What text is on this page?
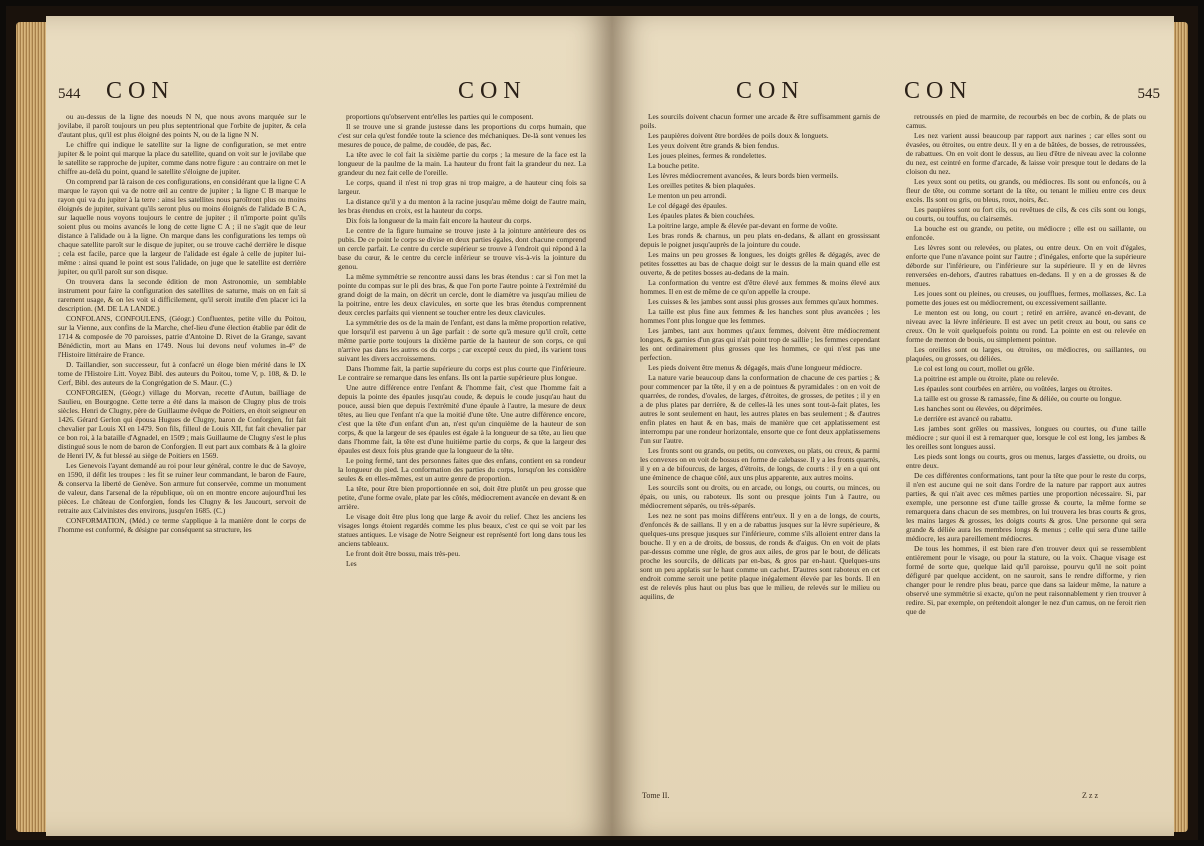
544 CON	CON

ou au-dessus de la ligne des noeuds N N, que nous avons marquée sur le jovilabe, il paroît toujours un peu plus septentrional que l'orbite de jupiter, & cela d'autant plus, qu'il est plus éloigné des points N, ou de la ligne N N.

Le chiffre qui indique le satellite sur la ligne de configuration, se met entre jupiter & le point qui marque la place du satellite, quand on voit sur le jovilabe que le satellite se rapproche de jupiter, comme dans notre figure : au contraire on met le chiffre au-delà du point, quand le satellite s'éloigne de jupiter.

On comprend par là raison de ces configurations, en considérant que la ligne C A marque le rayon qui va de notre œil au centre de jupiter ; la ligne C B marque le rayon qui va du jupiter à la terre : ainsi les satellites nous paroîtront plus ou moins éloignés de jupiter, suivant qu'ils seront plus ou moins éloignés de l'alidade B C A, sur laquelle nous voyons toujours le centre de jupiter ; il n'importe point qu'ils soient plus ou moins avancés le long de cette ligne C A ; il ne s'agit que de leur distance à l'alidade ou à la ligne. On marque dans les configurations les temps où chaque satellite paroît sur le disque de jupiter, ou se trouve caché derrière le disque ; cela est facile, parce que la largeur de l'alidade est égale à celle de jupiter lui-même : ainsi quand le point est sous l'alidade, on juge que le satellite est derrière jupiter, ou qu'il paroît sur son disque.

On trouvera dans la seconde édition de mon Astronomie, un semblable instrument pour faire la configuration des satellites de saturne, mais on en fait si rarement usage, & on les voit si difficilement, qu'il seroit inutile d'en placer ici la description. (M. DE LA LANDE.)

CONFOLANS, CONFOULENS, (Géogr.) Confluentes, petite ville du Poitou, sur la Vienne, aux confins de la Marche, chef-lieu d'une élection établie par édit de 1714 & composée de 70 paroisses, patrie d'Antoine D. Rivet de la Grange, savant Bénédictin, mort au Mans en 1749. Nous lui devons neuf volumes in-4° de l'Histoire littéraire de France.

D. Taillandier, son successeur, fut à confacré un éloge bien mérité dans le IX tome de l'Histoire Litt. Voyez Bibl. des auteurs du Poitou, tome V, p. 108, & D. le Cerf, Bibl. des auteurs de la Congrégation de S. Maur. (C.)

CONFORGIEN, (Géogr.) village du Morvan, recette d'Autun, bailliage de Saulieu, en Bourgogne. Cette terre a été dans la maison de Clugny plus de trois siècles. Henri de Clugny, père de Guillaume évêque de Poitiers, en étoit seigneur en 1426. Gérard Gerlon qui épousa Hugues de Clugny, baron de Conforgien, fut fait chevalier par Louis XI en 1479. Son fils, filleul de Louis XII, fut fait chevalier par ce bon roi, à la bataille d'Agnadel, en 1509 ; mais Guillaume de Clugny s'est le plus distingué sous le nom de baron de Conforgien. Il eut part aux combats & à la gloire de Henri IV, & fut blessé au siège de Poitiers en 1569.

Les Genevois l'ayant demandé au roi pour leur général, contre le duc de Savoye, en 1590, il défit les troupes : les fit se ruiner leur commandant, le baron de Faure, & conserva la liberté de Genève. Son armure fut conservée, comme un monument de valeur, dans l'arsenal de la république, où on en montre encore aujourd'hui les pièces. Le château de Conforgien, fonds les Clugny & les Jaucourt, servoit de retraite aux Calvinistes des environs, jusqu'en 1685. (C.)

CONFORMATION, (Méd.) ce terme s'applique à la manière dont le corps de l'homme est conformé, & désigne par conséquent sa structure, les

proportions qu'observent entr'elles les parties qui le composent.

Il se trouve une si grande justesse dans les proportions du corps humain, que c'est sur cela qu'est fondée toute la science des méchaniques. De-là sont venues les mesures de pouce, de palme, de coudée, de pas, &c.

La tête avec le col fait la sixième partie du corps ; la mesure de la face est la longueur de la paulme de la main. La hauteur du front fait la grandeur du nez. La grandeur du nez fait celle de l'oreille.

Le corps, quand il n'est ni trop gras ni trop maigre, a de hauteur cinq fois sa largeur.

La distance qu'il y a du menton à la racine jusqu'au même doigt de l'autre main, les bras étendus en croix, est la hauteur du corps.

Dix fois la longueur de la main fait encore la hauteur du corps.

Le centre de la figure humaine se trouve juste à la jointure antérieure des os pubis. De ce point le corps se divise en deux parties égales, dont chacune comprend un cercle parfait. Le centre du cercle supérieur se trouve à l'endroit qui répond à la base du cœur, & le centre du cercle inférieur se trouve vis-à-vis la jointure du genou.

La même symmétrie se rencontre aussi dans les bras étendus : car si l'on met la pointe du compas sur le pli des bras, & que l'on porte l'autre pointe à l'extrémité du grand doigt de la main, on décrit un cercle, dont le diamètre va jusqu'au milieu de la poitrine, entre les deux clavicules, en sorte que les bras étendus comprennent deux cercles parfaits qui viennent se toucher entre les deux clavicules.

La symmétrie des os de la main de l'enfant, est dans la même proportion relative, que lorsqu'il est parvenu à un âge parfait : de sorte qu'à mesure qu'il croît, cette même partie porte toujours la dixième partie de la hauteur de son corps, ce qui n'arrive pas dans les autres os du corps ; car excepté ceux du pied, ils varient tous suivant les divers accroissemens.

Dans l'homme fait, la partie supérieure du corps est plus courte que l'inférieure. Le contraire se remarque dans les enfans. Ils ont la partie supérieure plus longue.

Une autre différence entre l'enfant & l'homme fait, c'est que l'homme fait a depuis la pointe des épaules jusqu'au coude, & depuis le coude jusqu'au haut du pouce, aussi bien que depuis l'extrémité d'une épaule à l'autre, la mesure de deux têtes, au lieu que l'enfant n'a que la moitié d'une tête. Une autre différence encore, c'est que la tête d'un enfant d'un an, n'est qu'un cinquième de la hauteur de son corps, & que la largeur de ses épaules est égale à la longueur de sa tête, au lieu que dans l'homme fait, la tête est d'une huitième partie du corps, & que la largeur des épaules est deux fois plus grande que la longueur de la tête.

Le poing fermé, tant des personnes faites que des enfans, contient en sa rondeur la longueur du pied. La conformation des parties du corps, lorsqu'on les considère seules & en elles-mêmes, est un autre genre de proportion.

La tête, pour être bien proportionnée en soi, doit être plutôt un peu grosse que petite, d'une forme ovale, plate par les côtés, médiocrement avancée en devant & en arrière.

Le visage doit être plus long que large & avoir du relief. Chez les anciens les visages longs étoient regardés comme les plus beaux, c'est ce qui se voit par les statues antiques. Le visage de Notre Seigneur est représenté fort long dans tous les anciens tableaux.

Le front doit être bossu, mais très-peu.

Les

CON	CON	545

Les sourcils doivent chacun former une arcade & être suffisamment garnis de poils.

Les paupières doivent être bordées de poils doux & longuets.

Les yeux doivent être grands & bien fendus.

Les joues pleines, fermes & rondelettes.

La bouche petite.

Les lèvres médiocrement avancées, & leurs bords bien vermeils.

Les oreilles petites & bien plaquées.

Le menton un peu arrondi.

Le col dégagé des épaules.

Les épaules plates & bien couchées.

La poitrine large, ample & élevée par-devant en forme de voûte.

Les bras ronds & charnus, un peu plats en-dedans, & allant en grossissant depuis le poignet jusqu'auprès de la jointure du coude.

Les mains un peu grosses & longues, les doigts grêles & dégagés, avec de petites fossettes au bas de chaque doigt sur le dessus de la main quand elle est ouverte, & de petites bosses au-dedans de la main.

La conformation du ventre est d'être élevé aux femmes & moins élevé aux hommes. Il en est de même de ce qu'on appelle la croupe.

Les cuisses & les jambes sont aussi plus grosses aux femmes qu'aux hommes.

La taille est plus fine aux femmes & les hanches sont plus avancées ; les hommes l'ont plus longue que les femmes.

Les jambes, tant aux hommes qu'aux femmes, doivent être médiocrement longues, & garnies d'un gras qui n'ait point trop de saillie ; les femmes cependant les ont ordinairement plus grosses que les hommes, ce qui n'est pas une perfection.

Les pieds doivent être menus & dégagés, mais d'une longueur médiocre.

La nature varie beaucoup dans la conformation de chacune de ces parties ; & pour commencer par la tête, il y en a de pointues & pyramidales : on en voit de quarrées, de rondes, d'ovales, de larges, d'étroites, de grosses, de petites ; il y en a de plus plates par derrière, & de celles-là les unes sont tout-à-fait plates, les autres le sont seulement en haut, les autres plates en bas seulement ; & d'autres enfin plates en haut & en bas, mais de manière que cet applatissement est interrompu par une rondeur horizontale, ensorte que ce font deux applatissemens l'un sur l'autre.

Les fronts sont ou grands, ou petits, ou convexes, ou plats, ou creux, & parmi les convexes on en voit de bossus en forme de calebasse. Il y a les fronts quarrés, il y en a de bifourcus, de larges, d'étroits, de longs, de courts : il y en a qui ont une éminence de chaque côté, aux uns plus apparente, aux autres moins.

Les sourcils sont ou droits, ou en arcade, ou longs, ou courts, ou minces, ou épais, ou unis, ou raboteux. Ils sont ou presque joints l'un à l'autre, ou médiocrement séparés, ou très-séparés.

Les nez ne sont pas moins différens entr'eux. Il y en a de longs, de courts, d'enfoncés & de saillans. Il y en a de rabattus jusques sur la lèvre supérieure, & quelques-uns presque jusques sur l'inférieure, comme s'ils alloient entrer dans la bouche. Il y en a de droits, de bossus, de ronds & d'aigus. On en voit de plats par-dessus comme une règle, de gros aux ailes, de gros par le bout, de délicats proche les sourcils, de délicats par en-bas, & gros par en-haut. Quelques-uns sont un peu applatis sur le haut comme un cachet. D'autres sont raboteux en cet endroit comme seroit une petite plaque inégalement élevée par les bords. Il en est de relevés plus haut ou plus bas que le milieu, de relevés sur le milieu ou aquilins, de

retroussés en pied de marmite, de recourbés en bec de corbin, & de plats ou camus.

Les nez varient aussi beaucoup par rapport aux narines ; car elles sont ou évasées, ou étroites, ou entre deux. Il y en a de bâtées, de bosses, de retroussées, de rabattues. On en voit dont le dessus, au lieu d'être de niveau avec la colonne du nez, est ceintré en forme d'arcade, & laisse voir presque tout le dedans de la cloison du nez.

Les yeux sont ou petits, ou grands, ou médiocres. Ils sont ou enfoncés, ou à fleur de tête, ou comme sortant de la tête, ou tenant le milieu entre ces deux excès. Ils sont ou gris, ou bleus, roux, noirs, &c.

Les paupières sont ou fort cils, ou revêtues de cils, & ces cils sont ou longs, ou courts, ou touffus, ou clairsemés.

La bouche est ou grande, ou petite, ou médiocre ; elle est ou saillante, ou enfoncée.

Les lèvres sont ou relevées, ou plates, ou entre deux. On en voit d'égales, enforte que l'une n'avance point sur l'autre ; d'inégales, enforte que la supérieure déborde sur l'inférieure, ou l'inférieure sur la supérieure. Il y en de lèvres renversées en-dehors, d'autres rabattues en-dedans. Il y en a de grosses & de menues.

Les joues sont ou pleines, ou creuses, ou joufflues, fermes, mollasses, &c. La pomette des joues est ou médiocrement, ou excessivement saillante.

Le menton est ou long, ou court ; retiré en arrière, avancé en-devant, de niveau avec la lèvre inférieure. Il est avec un petit creux au bout, ou sans ce creux. On le voit quelquefois pointu ou rond. La pointe en est ou relevée en forme de menton de bouis, ou simplement pointue.

Les oreilles sont ou larges, ou étroites, ou médiocres, ou saillantes, ou plaquées, ou grosses, ou déliées.

Le col est long ou court, mollet ou grêle.

La poitrine est ample ou étroite, plate ou relevée.

Les épaules sont courbées en arrière, ou voûtées, larges ou étroites.

La taille est ou grosse & ramassée, fine & déliée, ou courte ou longue.

Les hanches sont ou élevées, ou déprimées.

Le derrière est avancé ou rabattu.

Les jambes sont grêles ou massives, longues ou courtes, ou d'une taille médiocre ; sur quoi il est à remarquer que, lorsque le col est long, les jambes & les oreilles sont longues aussi.

Les pieds sont longs ou courts, gros ou menus, larges d'assiette, ou droits, ou entre deux.

De ces différentes conformations, tant pour la tête que pour le reste du corps, il n'en est aucune qui ne soit dans l'ordre de la nature par rapport aux autres parties, & qui n'ait avec ces mêmes parties une proportion nécessaire. Si, par exemple, une personne est d'une taille grosse & courte, la même forme se remarquera dans chacun de ses membres, on lui trouvera les bras courts & gros, les mains larges & grosses, les doigts courts & gros. Une personne qui sera grande & déliée aura les membres longs & menus ; celle qui sera d'une taille médiocre, les aura pareillement médiocres.

De tous les hommes, il est bien rare d'en trouver deux qui se ressemblent entièrement pour le visage, ou pour la stature, ou la voix. Chaque visage est formé de sorte que, quelque laid qu'il paroisse, pourvu qu'il ne soit point défiguré par quelque accident, on ne sauroit, sans le rendre difforme, y rien changer pour le rendre plus beau, parce que dans sa laideur même, la nature a observé une symmétrie si exacte, qu'on ne peut raisonnablement y rien trouver à redire. Si, par exemple, on prétendoit alonger le nez d'un camus, on ne feroit rien que de

Tome II.	Z z z
